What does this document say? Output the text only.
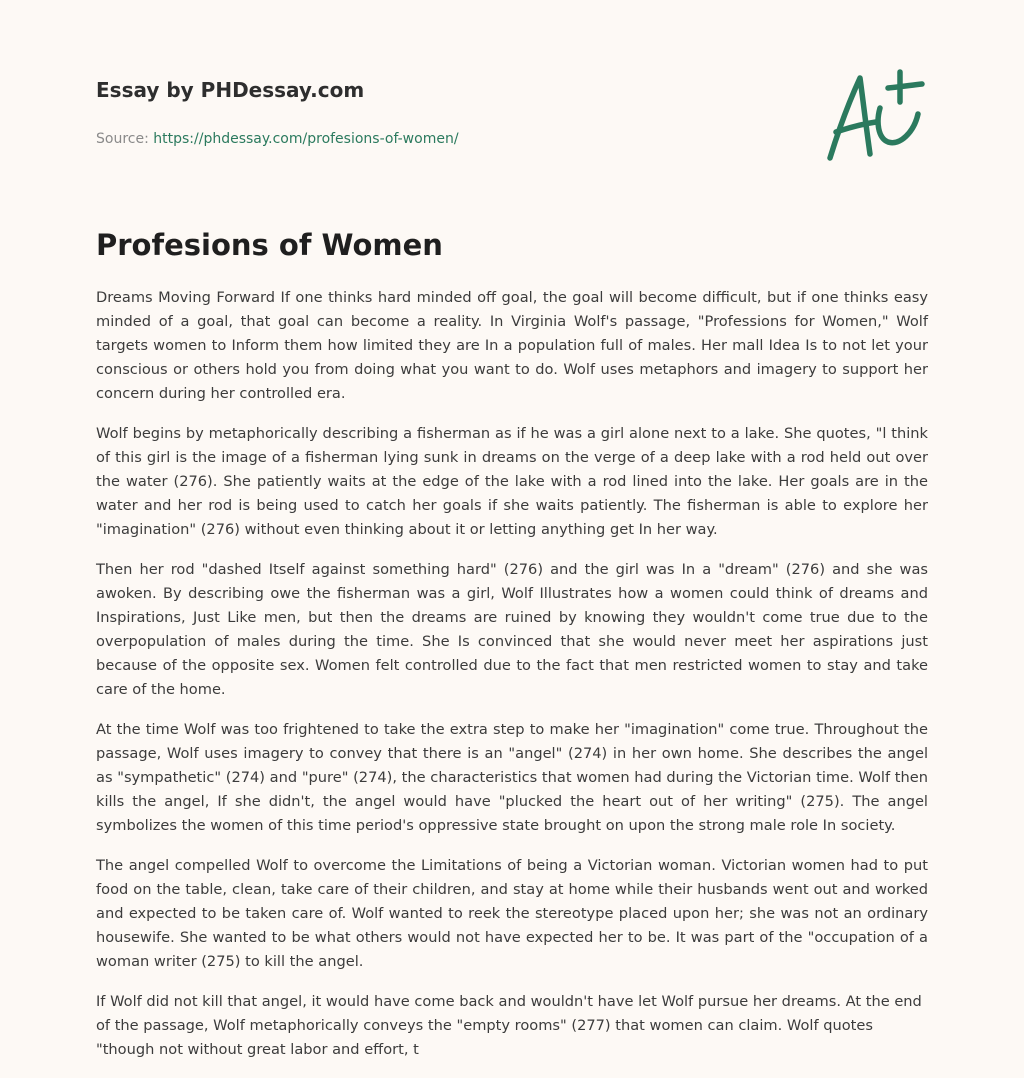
Essay by PHDessay.com
Source: https://phdessay.com/profesions-of-women/
Profesions of Women

Dreams Moving Forward If one thinks hard minded off goal, the goal will become difficult, but if one thinks easy minded of a goal, that goal can become a reality. In Virginia Wolf's passage, "Professions for Women," Wolf targets women to Inform them how limited they are In a population full of males. Her mall Idea Is to not let your conscious or others hold you from doing what you want to do. Wolf uses metaphors and imagery to support her concern during her controlled era.

Wolf begins by metaphorically describing a fisherman as if he was a girl alone next to a lake. She quotes, "l think of this girl is the image of a fisherman lying sunk in dreams on the verge of a deep lake with a rod held out over the water (276). She patiently waits at the edge of the lake with a rod lined into the lake. Her goals are in the water and her rod is being used to catch her goals if she waits patiently. The fisherman is able to explore her "imagination" (276) without even thinking about it or letting anything get In her way.

Then her rod "dashed Itself against something hard" (276) and the girl was In a "dream" (276) and she was awoken. By describing owe the fisherman was a girl, Wolf Illustrates how a women could think of dreams and Inspirations, Just Like men, but then the dreams are ruined by knowing they wouldn't come true due to the overpopulation of males during the time. She Is convinced that she would never meet her aspirations just because of the opposite sex. Women felt controlled due to the fact that men restricted women to stay and take care of the home.

At the time Wolf was too frightened to take the extra step to make her "imagination" come true. Throughout the passage, Wolf uses imagery to convey that there is an "angel" (274) in her own home. She describes the angel as "sympathetic" (274) and "pure" (274), the characteristics that women had during the Victorian time. Wolf then kills the angel, If she didn't, the angel would have "plucked the heart out of her writing" (275). The angel symbolizes the women of this time period's oppressive state brought on upon the strong male role In society.

The angel compelled Wolf to overcome the Limitations of being a Victorian woman. Victorian women had to put food on the table, clean, take care of their children, and stay at home while their husbands went out and worked and expected to be taken care of. Wolf wanted to reek the stereotype placed upon her; she was not an ordinary housewife. She wanted to be what others would not have expected her to be. It was part of the "occupation of a woman writer (275) to kill the angel.

If Wolf did not kill that angel, it would have come back and wouldn't have let Wolf pursue her dreams. At the end of the passage, Wolf metaphorically conveys the "empty rooms" (277) that women can claim. Wolf quotes "though not without great labor and effort, t
